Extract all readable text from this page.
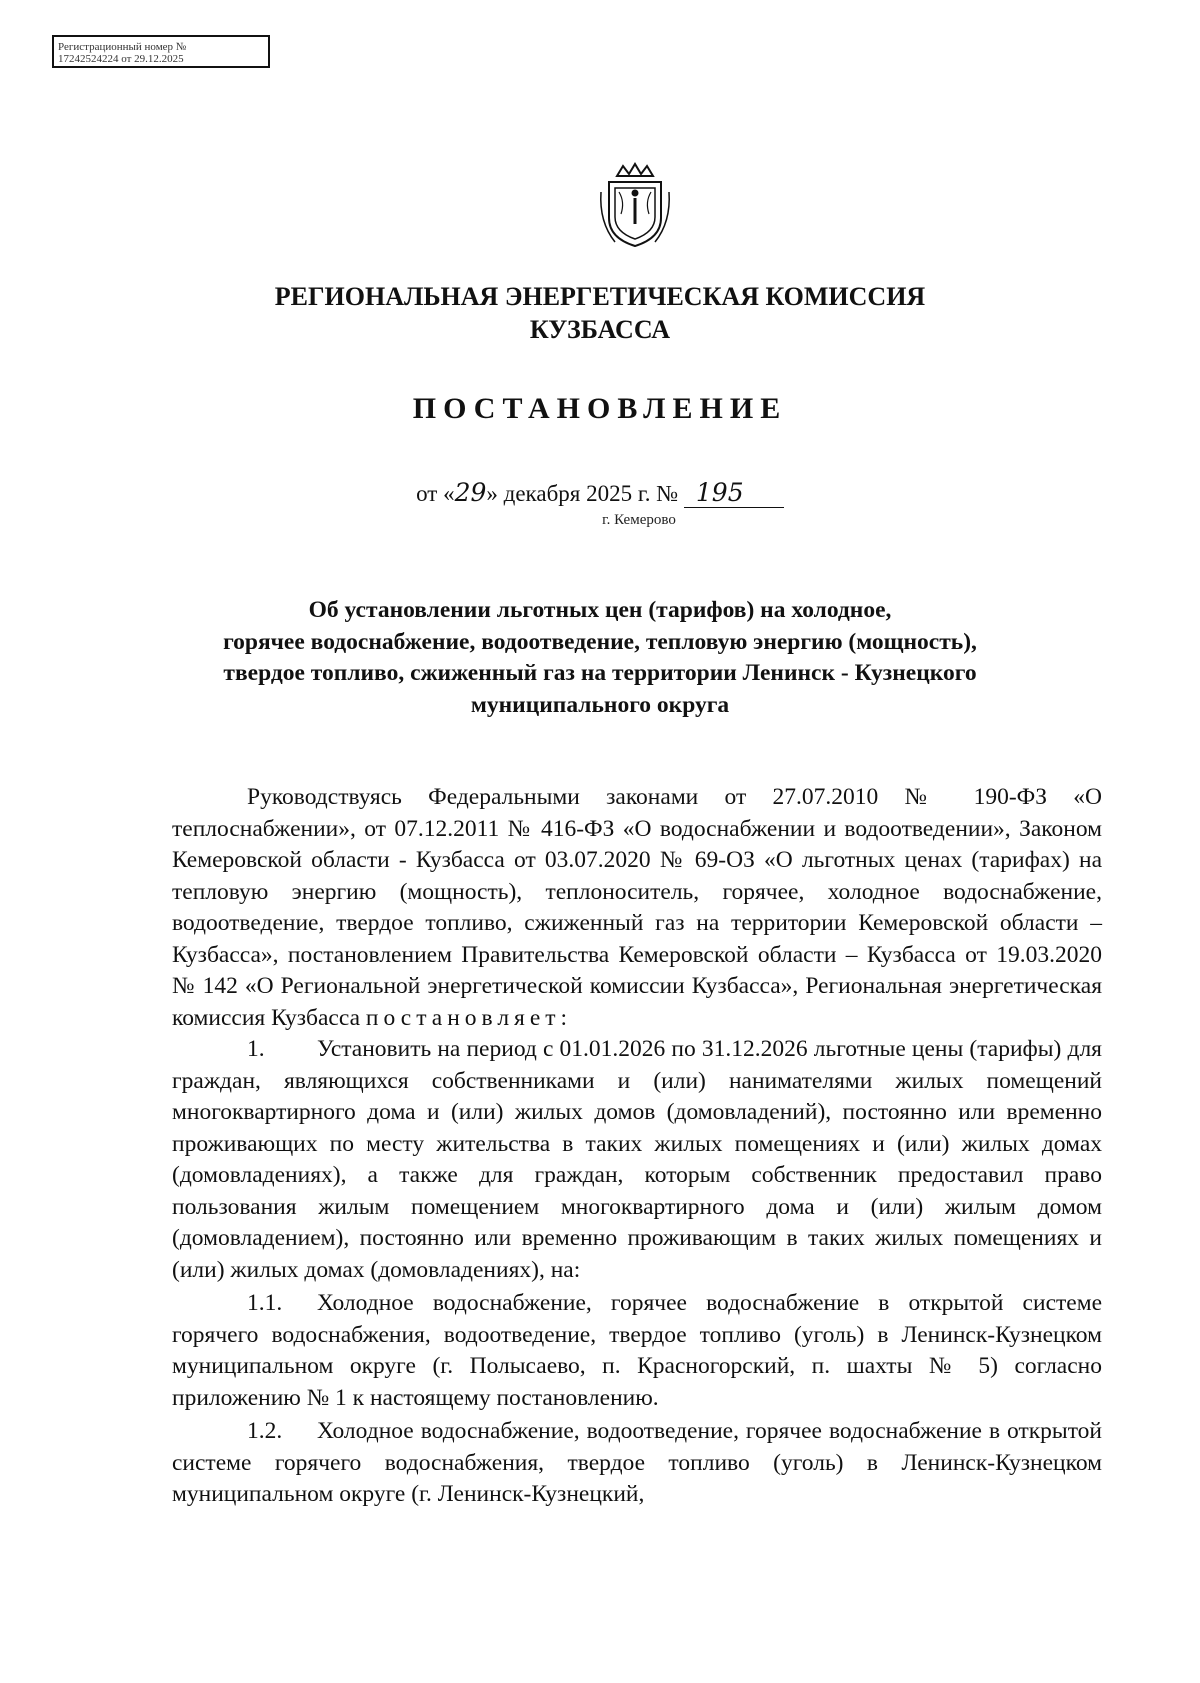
Регистрационный номер №
17242524224 от 29.12.2025
РЕГИОНАЛЬНАЯ ЭНЕРГЕТИЧЕСКАЯ КОМИССИЯ
КУЗБАССА
ПОСТАНОВЛЕНИЕ
от «29» декабря 2025 г. № 195
г. Кемерово
Об установлении льготных цен (тарифов) на холодное,
горячее водоснабжение, водоотведение, тепловую энергию (мощность),
твердое топливо, сжиженный газ на территории Ленинск - Кузнецкого
муниципального округа

Руководствуясь Федеральными законами от 27.07.2010 № 190-ФЗ «О теплоснабжении», от 07.12.2011 № 416-ФЗ «О водоснабжении и водоотведении», Законом Кемеровской области - Кузбасса от 03.07.2020 № 69-ОЗ «О льготных ценах (тарифах) на тепловую энергию (мощность), теплоноситель, горячее, холодное водоснабжение, водоотведение, твердое топливо, сжиженный газ на территории Кемеровской области – Кузбасса», постановлением Правительства Кемеровской области – Кузбасса от 19.03.2020 № 142 «О Региональной энергетической комиссии Кузбасса», Региональная энергетическая комиссия Кузбасса постановляет:

1. Установить на период с 01.01.2026 по 31.12.2026 льготные цены (тарифы) для граждан, являющихся собственниками и (или) нанимателями жилых помещений многоквартирного дома и (или) жилых домов (домовладений), постоянно или временно проживающих по месту жительства в таких жилых помещениях и (или) жилых домах (домовладениях), а также для граждан, которым собственник предоставил право пользования жилым помещением многоквартирного дома и (или) жилым домом (домовладением), постоянно или временно проживающим в таких жилых помещениях и (или) жилых домах (домовладениях), на:

1.1. Холодное водоснабжение, горячее водоснабжение в открытой системе горячего водоснабжения, водоотведение, твердое топливо (уголь) в Ленинск-Кузнецком муниципальном округе (г. Полысаево, п. Красногорский, п. шахты № 5) согласно приложению № 1 к настоящему постановлению.

1.2. Холодное водоснабжение, водоотведение, горячее водоснабжение в открытой системе горячего водоснабжения, твердое топливо (уголь) в Ленинск-Кузнецком муниципальном округе (г. Ленинск-Кузнецкий,
